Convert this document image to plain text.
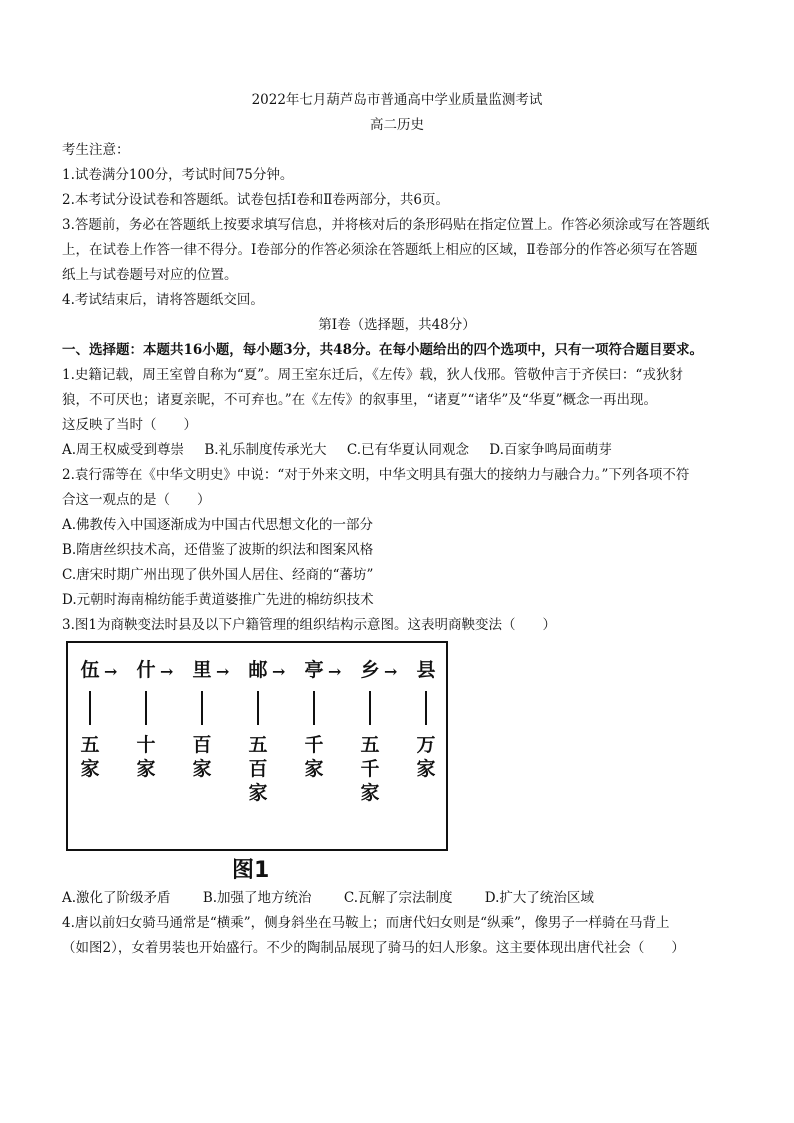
2022年七月葫芦岛市普通高中学业质量监测考试
高二历史
考生注意：
1.试卷满分100分，考试时间75分钟。
2.本考试分设试卷和答题纸。试卷包括Ⅰ卷和Ⅱ卷两部分，共6页。
3.答题前，务必在答题纸上按要求填写信息，并将核对后的条形码贴在指定位置上。作答必须涂或写在答题纸
上，在试卷上作答一律不得分。Ⅰ卷部分的作答必须涂在答题纸上相应的区域，Ⅱ卷部分的作答必须写在答题
纸上与试卷题号对应的位置。
4.考试结束后，请将答题纸交回。
第Ⅰ卷（选择题，共48分）
一、选择题：本题共16小题，每小题3分，共48分。在每小题给出的四个选项中，只有一项符合题目要求。
1.史籍记载，周王室曾自称为“夏”。周王室东迁后，《左传》载，狄人伐邢。管敬仲言于齐侯曰：“戎狄豺
狼，不可厌也；诸夏亲昵，不可弃也。”在《左传》的叙事里，“诸夏”“诸华”及“华夏”概念一再出现。
这反映了当时（　　）
A.周王权威受到尊崇 B.礼乐制度传承光大 C.已有华夏认同观念 D.百家争鸣局面萌芽
2.袁行霈等在《中华文明史》中说：“对于外来文明，中华文明具有强大的接纳力与融合力。”下列各项不符
合这一观点的是（　　）
A.佛教传入中国逐渐成为中国古代思想文化的一部分
B.隋唐丝织技术高，还借鉴了波斯的织法和图案风格
C.唐宋时期广州出现了供外国人居住、经商的“蕃坊”
D.元朝时海南棉纺能手黄道婆推广先进的棉纺织技术
3.图1为商鞅变法时县及以下户籍管理的组织结构示意图。这表明商鞅变法（　　）
伍
五家
→ 什
十家
→ 里
百家
→ 邮
五百家
→ 亭
千家
→ 乡
五千家
→ 县
万家
图1
A.激化了阶级矛盾 B.加强了地方统治 C.瓦解了宗法制度 D.扩大了统治区域
4.唐以前妇女骑马通常是“横乘”，侧身斜坐在马鞍上；而唐代妇女则是“纵乘”，像男子一样骑在马背上
（如图2），女着男装也开始盛行。不少的陶制品展现了骑马的妇人形象。这主要体现出唐代社会（　　）
